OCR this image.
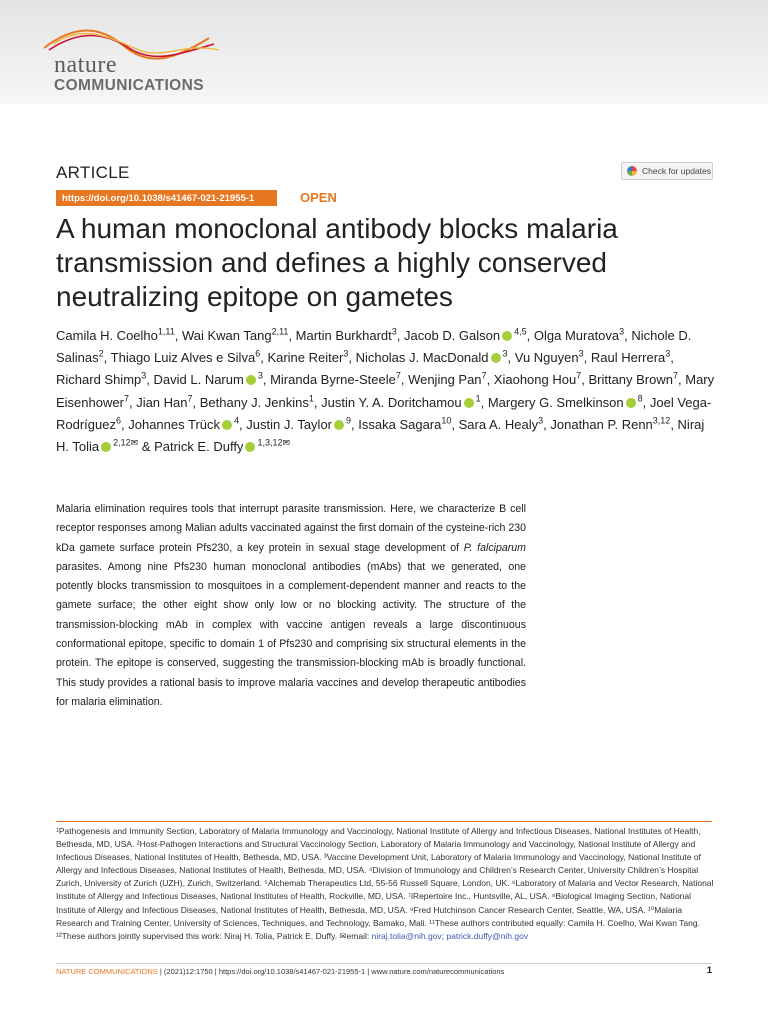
nature
COMMUNICATIONS
ARTICLE	Check for updates
https://doi.org/10.1038/s41467-021-21955-1	OPEN
A human monoclonal antibody blocks malaria transmission and defines a highly conserved neutralizing epitope on gametes
Camila H. Coelho$^{1,11}$, Wai Kwan Tang$^{2,11}$, Martin Burkhardt$^3$, Jacob D. Galson $^{4,5}$, Olga Muratova$^3$, Nichole D. Salinas$^2$, Thiago Luiz Alves e Silva$^6$, Karine Reiter$^3$, Nicholas J. MacDonald $^3$, Vu Nguyen$^3$, Raul Herrera$^3$, Richard Shimp$^3$, David L. Narum $^3$, Miranda Byrne-Steele$^7$, Wenjing Pan$^7$, Xiaohong Hou$^7$, Brittany Brown$^7$, Mary Eisenhower$^7$, Jian Han$^7$, Bethany J. Jenkins$^1$, Justin Y. A. Doritchamou $^1$, Margery G. Smelkinson $^8$, Joel Vega-Rodríguez$^6$, Johannes Trück $^4$, Justin J. Taylor $^9$, Issaka Sagara$^{10}$, Sara A. Healy$^3$, Jonathan P. Renn$^{3,12}$, Niraj H. Tolia $^{2,12✉}$ & Patrick E. Duffy $^{1,3,12✉}$
Malaria elimination requires tools that interrupt parasite transmission. Here, we characterize B cell receptor responses among Malian adults vaccinated against the first domain of the cysteine-rich 230 kDa gamete surface protein Pfs230, a key protein in sexual stage development of P. falciparum parasites. Among nine Pfs230 human monoclonal antibodies (mAbs) that we generated, one potently blocks transmission to mosquitoes in a complement-dependent manner and reacts to the gamete surface; the other eight show only low or no blocking activity. The structure of the transmission-blocking mAb in complex with vaccine antigen reveals a large discontinuous conformational epitope, specific to domain 1 of Pfs230 and comprising six structural elements in the protein. The epitope is conserved, suggesting the transmission-blocking mAb is broadly functional. This study provides a rational basis to improve malaria vaccines and develop therapeutic antibodies for malaria elimination.
¹Pathogenesis and Immunity Section, Laboratory of Malaria Immunology and Vaccinology, National Institute of Allergy and Infectious Diseases, National Institutes of Health, Bethesda, MD, USA. ²Host-Pathogen Interactions and Structural Vaccinology Section, Laboratory of Malaria Immunology and Vaccinology, National Institute of Allergy and Infectious Diseases, National Institutes of Health, Bethesda, MD, USA. ³Vaccine Development Unit, Laboratory of Malaria Immunology and Vaccinology, National Institute of Allergy and Infectious Diseases, National Institutes of Health, Bethesda, MD, USA. ⁴Division of Immunology and Children’s Research Center, University Children’s Hospital Zurich, University of Zurich (UZH), Zurich, Switzerland. ⁵Alchemab Therapeutics Ltd, 55-56 Russell Square, London, UK. ⁶Laboratory of Malaria and Vector Research, National Institute of Allergy and Infectious Diseases, National Institutes of Health, Rockville, MD, USA. ⁷iRepertoire Inc., Huntsville, AL, USA. ⁸Biological Imaging Section, National Institute of Allergy and Infectious Diseases, National Institutes of Health, Bethesda, MD, USA. ⁹Fred Hutchinson Cancer Research Center, Seattle, WA, USA. ¹⁰Malaria Research and Training Center, University of Sciences, Techniques, and Technology, Bamako, Mali. ¹¹These authors contributed equally: Camila H. Coelho, Wai Kwan Tang. ¹²These authors jointly supervised this work: Niraj H. Tolia, Patrick E. Duffy. ✉email: niraj.tolia@nih.gov; patrick.duffy@nih.gov
NATURE COMMUNICATIONS | (2021)12:1750 | https://doi.org/10.1038/s41467-021-21955-1 | www.nature.com/naturecommunications	1
